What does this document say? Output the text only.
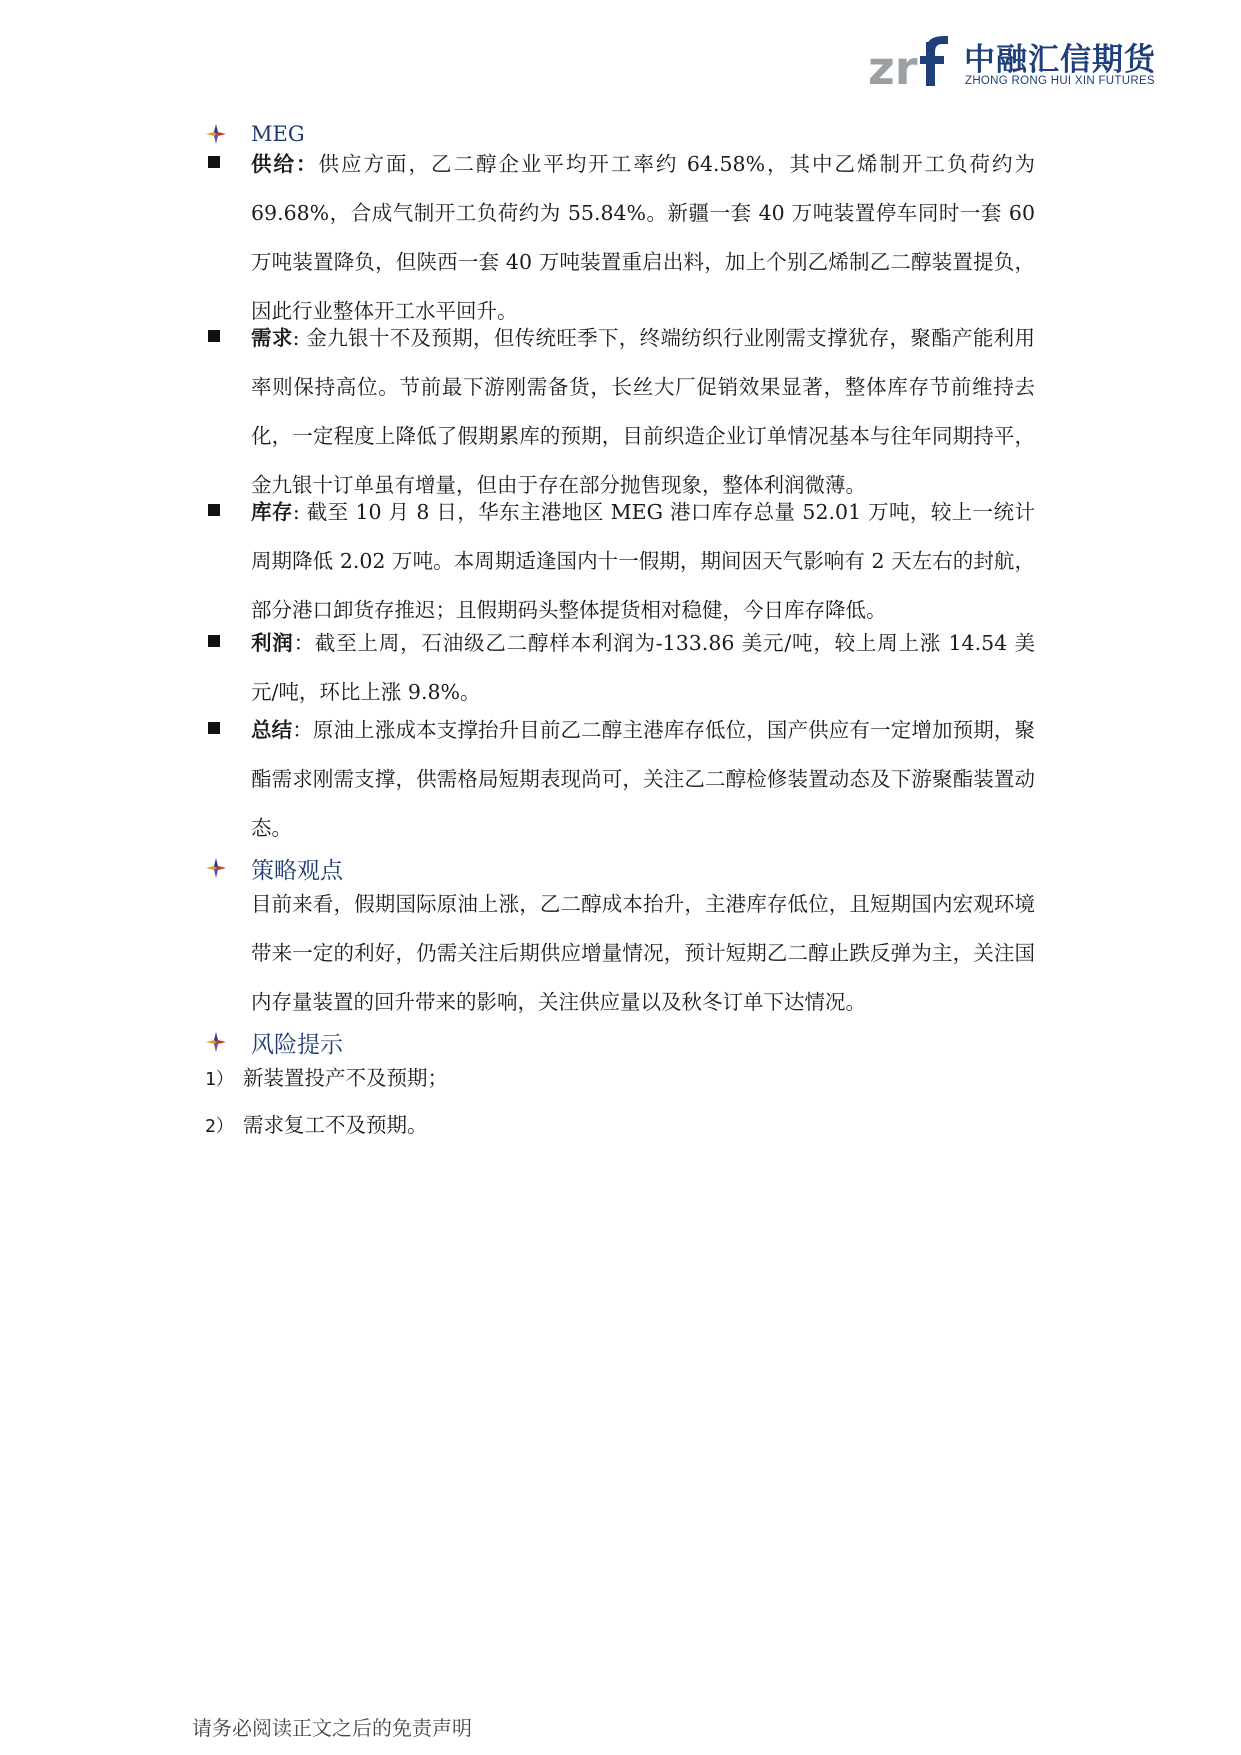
zr 中融汇信期货
ZHONG RONG HUI XIN FUTURES
MEG
供给：供应方面，乙二醇企业平均开工率约 64.58%，其中乙烯制开工负荷约为 69.68%，合成气制开工负荷约为 55.84%。新疆一套 40 万吨装置停车同时一套 60 万吨装置降负，但陕西一套 40 万吨装置重启出料，加上个别乙烯制乙二醇装置提负，因此行业整体开工水平回升。
需求: 金九银十不及预期，但传统旺季下，终端纺织行业刚需支撑犹存，聚酯产能利用率则保持高位。节前最下游刚需备货，长丝大厂促销效果显著，整体库存节前维持去化，一定程度上降低了假期累库的预期，目前织造企业订单情况基本与往年同期持平，金九银十订单虽有增量，但由于存在部分抛售现象，整体利润微薄。
库存: 截至 10 月 8 日，华东主港地区 MEG 港口库存总量 52.01 万吨，较上一统计周期降低 2.02 万吨。本周期适逢国内十一假期，期间因天气影响有 2 天左右的封航，部分港口卸货存推迟；且假期码头整体提货相对稳健，今日库存降低。
利润：截至上周，石油级乙二醇样本利润为-133.86 美元/吨，较上周上涨 14.54 美元/吨，环比上涨 9.8%。
总结：原油上涨成本支撑抬升目前乙二醇主港库存低位，国产供应有一定增加预期，聚酯需求刚需支撑，供需格局短期表现尚可，关注乙二醇检修装置动态及下游聚酯装置动态。
策略观点
目前来看，假期国际原油上涨，乙二醇成本抬升，主港库存低位，且短期国内宏观环境带来一定的利好，仍需关注后期供应增量情况，预计短期乙二醇止跌反弹为主，关注国内存量装置的回升带来的影响，关注供应量以及秋冬订单下达情况。
风险提示
1） 新装置投产不及预期；
2） 需求复工不及预期。
请务必阅读正文之后的免责声明
